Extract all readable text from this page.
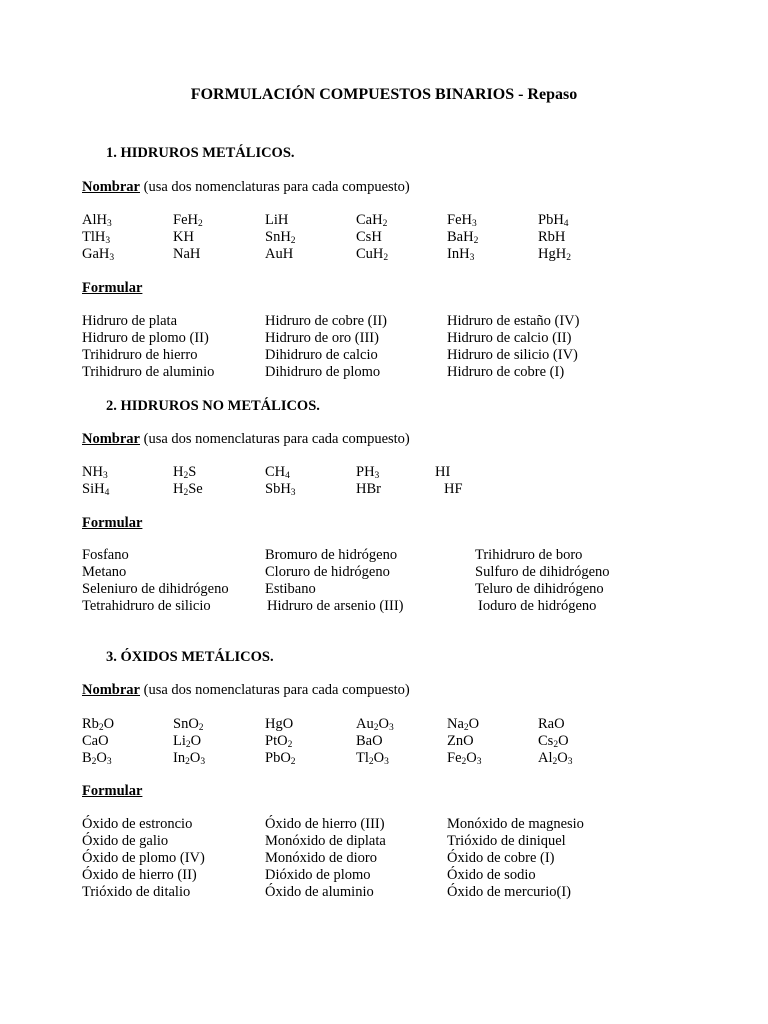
FORMULACIÓN COMPUESTOS BINARIOS - Repaso
1. HIDRUROS METÁLICOS.
Nombrar (usa dos nomenclaturas para cada compuesto)
AlH$_3$	FeH$_2$	LiH	CaH$_2$	FeH$_3$	PbH$_4$
TlH$_3$	KH	SnH$_2$	CsH	BaH$_2$	RbH
GaH$_3$	NaH	AuH	CuH$_2$	InH$_3$	HgH$_2$
Formular
Hidruro de plata	Hidruro de cobre (II)	Hidruro de estaño (IV)
Hidruro de plomo (II)	Hidruro de oro (III)	Hidruro de calcio (II)
Trihidruro de hierro	Dihidruro de calcio	Hidruro de silicio (IV)
Trihidruro de aluminio	Dihidruro de plomo	Hidruro de cobre (I)
2. HIDRUROS NO METÁLICOS.
Nombrar (usa dos nomenclaturas para cada compuesto)
$NH_3$	$H_2S$	$CH_4$	$PH_3$	HI
SiH$_4$	$H_2Se$	SbH$_3$	HBr	HF
Formular
Fosfano	Bromuro de hidrógeno	Trihidruro de boro
Metano	Cloruro de hidrógeno	Sulfuro de dihidrógeno
Seleniuro de dihidrógeno	Estibano	Teluro de dihidrógeno
Tetrahidruro de silicio	Hidruro de arsenio (III)	Ioduro de hidrógeno
3. ÓXIDOS METÁLICOS.
Nombrar (usa dos nomenclaturas para cada compuesto)
$Rb_2O$	SnO$_2$	HgO	$Au_2O_3$	$Na_2O$	RaO
CaO	$Li_2O$	PtO$_2$	BaO	ZnO	$Cs_2O$
$B_2O_3$	$In_2O_3$	PbO$_2$	$Tl_2O_3$	$Fe_2O_3$	$Al_2O_3$
Formular
Óxido de estroncio	Óxido de hierro (III)	Monóxido de magnesio
Óxido de galio	Monóxido de diplata	Trióxido de diniquel
Óxido de plomo (IV)	Monóxido de dioro	Óxido de cobre (I)
Óxido de hierro (II)	Dióxido de plomo	Óxido de sodio
Trióxido de ditalio	Óxido de aluminio	Óxido de mercurio(I)
